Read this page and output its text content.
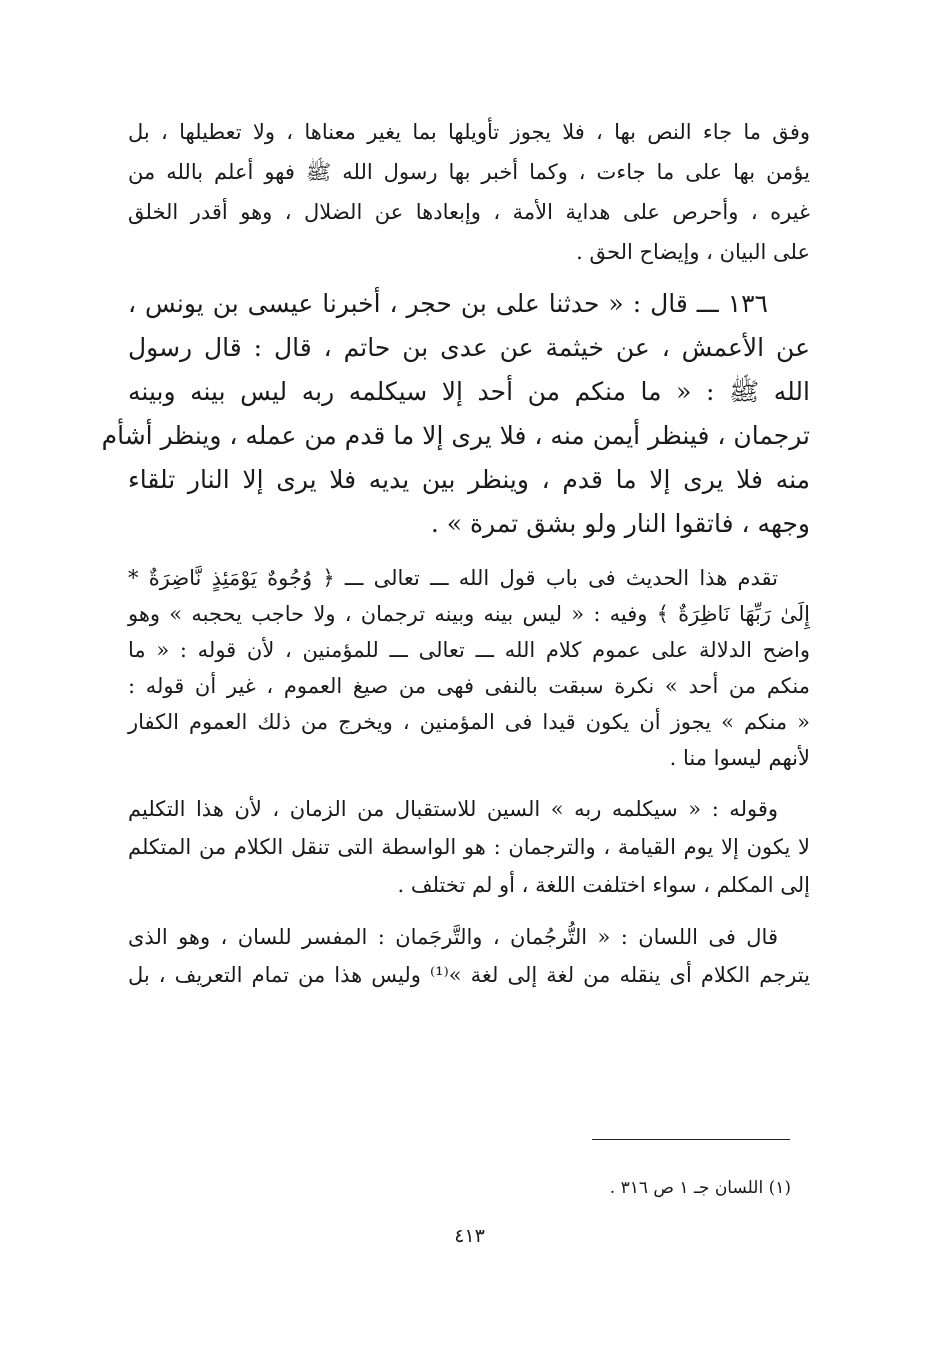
وفق ما جاء النص بها ، فلا يجوز تأويلها بما يغير معناها ، ولا تعطيلها ، بل
يؤمن بها على ما جاءت ، وكما أخبر بها رسول الله ﷺ فهو أعلم بالله من
غيره ، وأحرص على هداية الأمة ، وإبعادها عن الضلال ، وهو أقدر الخلق
على البيان ، وإيضاح الحق .
١٣٦ ـــ قال : « حدثنا على بن حجر ، أخبرنا عيسى بن يونس ،
عن الأعمش ، عن خيثمة عن عدى بن حاتم ، قال : قال رسول
الله ﷺ : « ما منكم من أحد إلا سيكلمه ربه ليس بينه وبينه
ترجمان ، فينظر أيمن منه ، فلا يرى إلا ما قدم من عمله ، وينظر أشأم
منه فلا يرى إلا ما قدم ، وينظر بين يديه فلا يرى إلا النار تلقاء
وجهه ، فاتقوا النار ولو بشق تمرة » .
تقدم هذا الحديث فى باب قول الله ـــ تعالى ـــ ﴿ وُجُوهٌ يَوْمَئِذٍ نَّاضِرَةٌ *
إِلَىٰ رَبِّهَا نَاظِرَةٌ ﴾ وفيه : « ليس بينه وبينه ترجمان ، ولا حاجب يحجبه » وهو
واضح الدلالة على عموم كلام الله ـــ تعالى ـــ للمؤمنين ، لأن قوله : « ما
منكم من أحد » نكرة سبقت بالنفى فهى من صيغ العموم ، غير أن قوله :
« منكم » يجوز أن يكون قيدا فى المؤمنين ، ويخرج من ذلك العموم الكفار
لأنهم ليسوا منا .
وقوله : « سيكلمه ربه » السين للاستقبال من الزمان ، لأن هذا التكليم
لا يكون إلا يوم القيامة ، والترجمان : هو الواسطة التى تنقل الكلام من المتكلم
إلى المكلم ، سواء اختلفت اللغة ، أو لم تختلف .
قال فى اللسان : « التُّرجُمان ، والتَّرجَمان : المفسر للسان ، وهو الذى
يترجم الكلام أى ينقله من لغة إلى لغة »⁽¹⁾ وليس هذا من تمام التعريف ، بل
(١) اللسان جـ ١ ص ٣١٦ .
٤١٣
